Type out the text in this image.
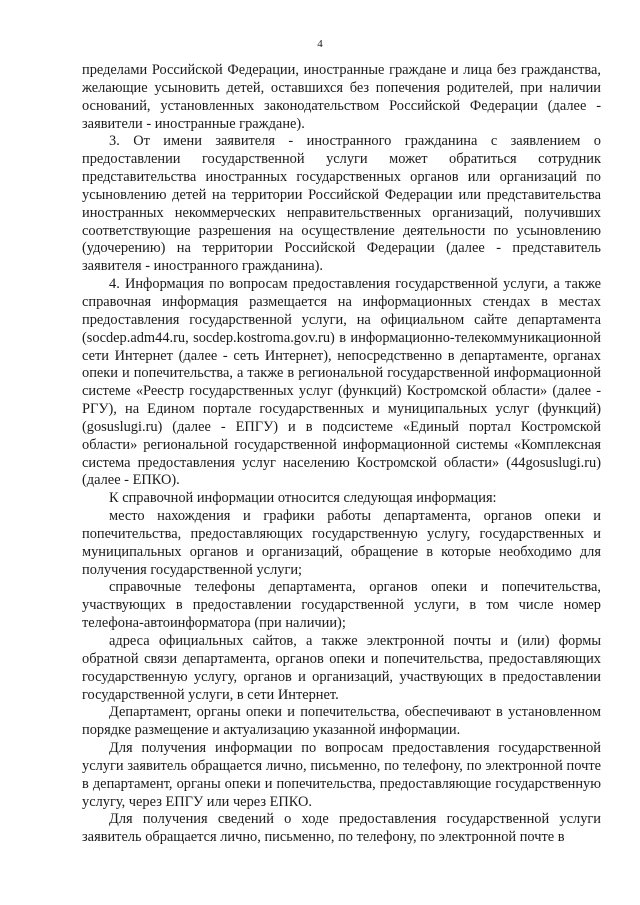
4

пределами Российской Федерации, иностранные граждане и лица без гражданства, желающие усыновить детей, оставшихся без попечения родителей, при наличии оснований, установленных законодательством Российской Федерации (далее - заявители - иностранные граждане).

3. От имени заявителя - иностранного гражданина с заявлением о предоставлении государственной услуги может обратиться сотрудник представительства иностранных государственных органов или организаций по усыновлению детей на территории Российской Федерации или представительства иностранных некоммерческих неправительственных организаций, получивших соответствующие разрешения на осуществление деятельности по усыновлению (удочерению) на территории Российской Федерации (далее - представитель заявителя - иностранного гражданина).

4. Информация по вопросам предоставления государственной услуги, а также справочная информация размещается на информационных стендах в местах предоставления государственной услуги, на официальном сайте департамента (socdep.adm44.ru, socdep.kostroma.gov.ru) в информационно-телекоммуникационной сети Интернет (далее - сеть Интернет), непосредственно в департаменте, органах опеки и попечительства, а также в региональной государственной информационной системе «Реестр государственных услуг (функций) Костромской области» (далее - РГУ), на Едином портале государственных и муниципальных услуг (функций) (gosuslugi.ru) (далее - ЕПГУ) и в подсистеме «Единый портал Костромской области» региональной государственной информационной системы «Комплексная система предоставления услуг населению Костромской области» (44gosuslugi.ru) (далее - ЕПКО).

К справочной информации относится следующая информация:

место нахождения и графики работы департамента, органов опеки и попечительства, предоставляющих государственную услугу, государственных и муниципальных органов и организаций, обращение в которые необходимо для получения государственной услуги;

справочные телефоны департамента, органов опеки и попечительства, участвующих в предоставлении государственной услуги, в том числе номер телефона-автоинформатора (при наличии);

адреса официальных сайтов, а также электронной почты и (или) формы обратной связи департамента, органов опеки и попечительства, предоставляющих государственную услугу, органов и организаций, участвующих в предоставлении государственной услуги, в сети Интернет.

Департамент, органы опеки и попечительства, обеспечивают в установленном порядке размещение и актуализацию указанной информации.

Для получения информации по вопросам предоставления государственной услуги заявитель обращается лично, письменно, по телефону, по электронной почте в департамент, органы опеки и попечительства, предоставляющие государственную услугу, через ЕПГУ или через ЕПКО.

Для получения сведений о ходе предоставления государственной услуги заявитель обращается лично, письменно, по телефону, по электронной почте в
